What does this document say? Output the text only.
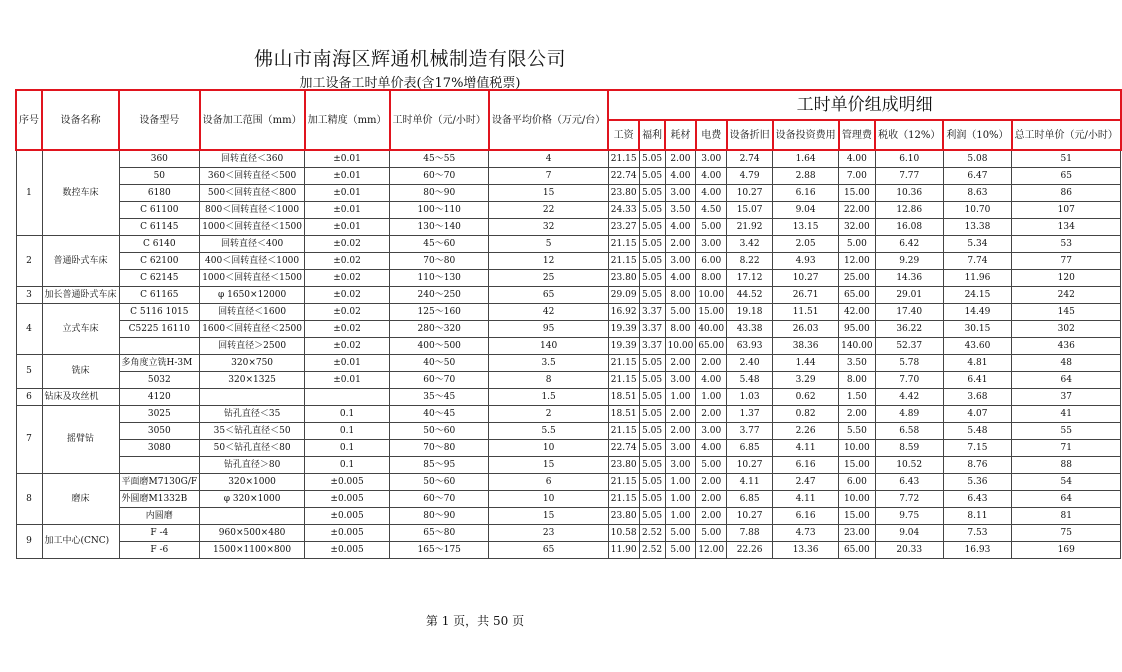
佛山市南海区辉通机械制造有限公司
加工设备工时单价表(含17%增值税票)
序号	设备名称	设备型号	设备加工范围（mm）	加工精度（mm）	工时单价（元/小时）	设备平均价格（万元/台）	工时单价组成明细									
							工资	福利	耗材	电费	设备折旧	设备投资费用	管理费	税收（12%）	利润（10%）	总工时单价（元/小时）
1	数控车床	360	回转直径＜360	±0.01	45～55	4	21.15	5.05	2.00	3.00	2.74	1.64	4.00	6.10	5.08	51
		50	360＜回转直径＜500	±0.01	60～70	7	22.74	5.05	4.00	4.00	4.79	2.88	7.00	7.77	6.47	65
		6180	500＜回转直径＜800	±0.01	80～90	15	23.80	5.05	3.00	4.00	10.27	6.16	15.00	10.36	8.63	86
		C 61100	800＜回转直径＜1000	±0.01	100～110	22	24.33	5.05	3.50	4.50	15.07	9.04	22.00	12.86	10.70	107
		C 61145	1000＜回转直径＜1500	±0.01	130～140	32	23.27	5.05	4.00	5.00	21.92	13.15	32.00	16.08	13.38	134
2	普通卧式车床	C 6140	回转直径＜400	±0.02	45～60	5	21.15	5.05	2.00	3.00	3.42	2.05	5.00	6.42	5.34	53
		C 62100	400＜回转直径＜1000	±0.02	70～80	12	21.15	5.05	3.00	6.00	8.22	4.93	12.00	9.29	7.74	77
		C 62145	1000＜回转直径＜1500	±0.02	110～130	25	23.80	5.05	4.00	8.00	17.12	10.27	25.00	14.36	11.96	120
3	加长普通卧式车床	C 61165	φ 1650×12000	±0.02	240～250	65	29.09	5.05	8.00	10.00	44.52	26.71	65.00	29.01	24.15	242
4	立式车床	C 5116 1015	回转直径＜1600	±0.02	125～160	42	16.92	3.37	5.00	15.00	19.18	11.51	42.00	17.40	14.49	145
		C5225 16110	1600＜回转直径＜2500	±0.02	280～320	95	19.39	3.37	8.00	40.00	43.38	26.03	95.00	36.22	30.15	302
			回转直径＞2500	±0.02	400～500	140	19.39	3.37	10.00	65.00	63.93	38.36	140.00	52.37	43.60	436
5	铣床	多角度立铣H-3M	320×750	±0.01	40～50	3.5	21.15	5.05	2.00	2.00	2.40	1.44	3.50	5.78	4.81	48
		5032	320×1325	±0.01	60～70	8	21.15	5.05	3.00	4.00	5.48	3.29	8.00	7.70	6.41	64
6	钻床及攻丝机	4120			35～45	1.5	18.51	5.05	1.00	1.00	1.03	0.62	1.50	4.42	3.68	37
7	摇臂钻	3025	钻孔直径＜35	0.1	40～45	2	18.51	5.05	2.00	2.00	1.37	0.82	2.00	4.89	4.07	41
		3050	35＜钻孔直径＜50	0.1	50～60	5.5	21.15	5.05	2.00	3.00	3.77	2.26	5.50	6.58	5.48	55
		3080	50＜钻孔直径＜80	0.1	70～80	10	22.74	5.05	3.00	4.00	6.85	4.11	10.00	8.59	7.15	71
			钻孔直径＞80	0.1	85～95	15	23.80	5.05	3.00	5.00	10.27	6.16	15.00	10.52	8.76	88
8	磨床	平面磨M7130G/F	320×1000	±0.005	50～60	6	21.15	5.05	1.00	2.00	4.11	2.47	6.00	6.43	5.36	54
		外圆磨M1332B	φ 320×1000	±0.005	60～70	10	21.15	5.05	1.00	2.00	6.85	4.11	10.00	7.72	6.43	64
		内圆磨		±0.005	80～90	15	23.80	5.05	1.00	2.00	10.27	6.16	15.00	9.75	8.11	81
9	加工中心(CNC)	F -4	960×500×480	±0.005	65～80	23	10.58	2.52	5.00	5.00	7.88	4.73	23.00	9.04	7.53	75
		F -6	1500×1100×800	±0.005	165～175	65	11.90	2.52	5.00	12.00	22.26	13.36	65.00	20.33	16.93	169
第 1 页，共 50 页
